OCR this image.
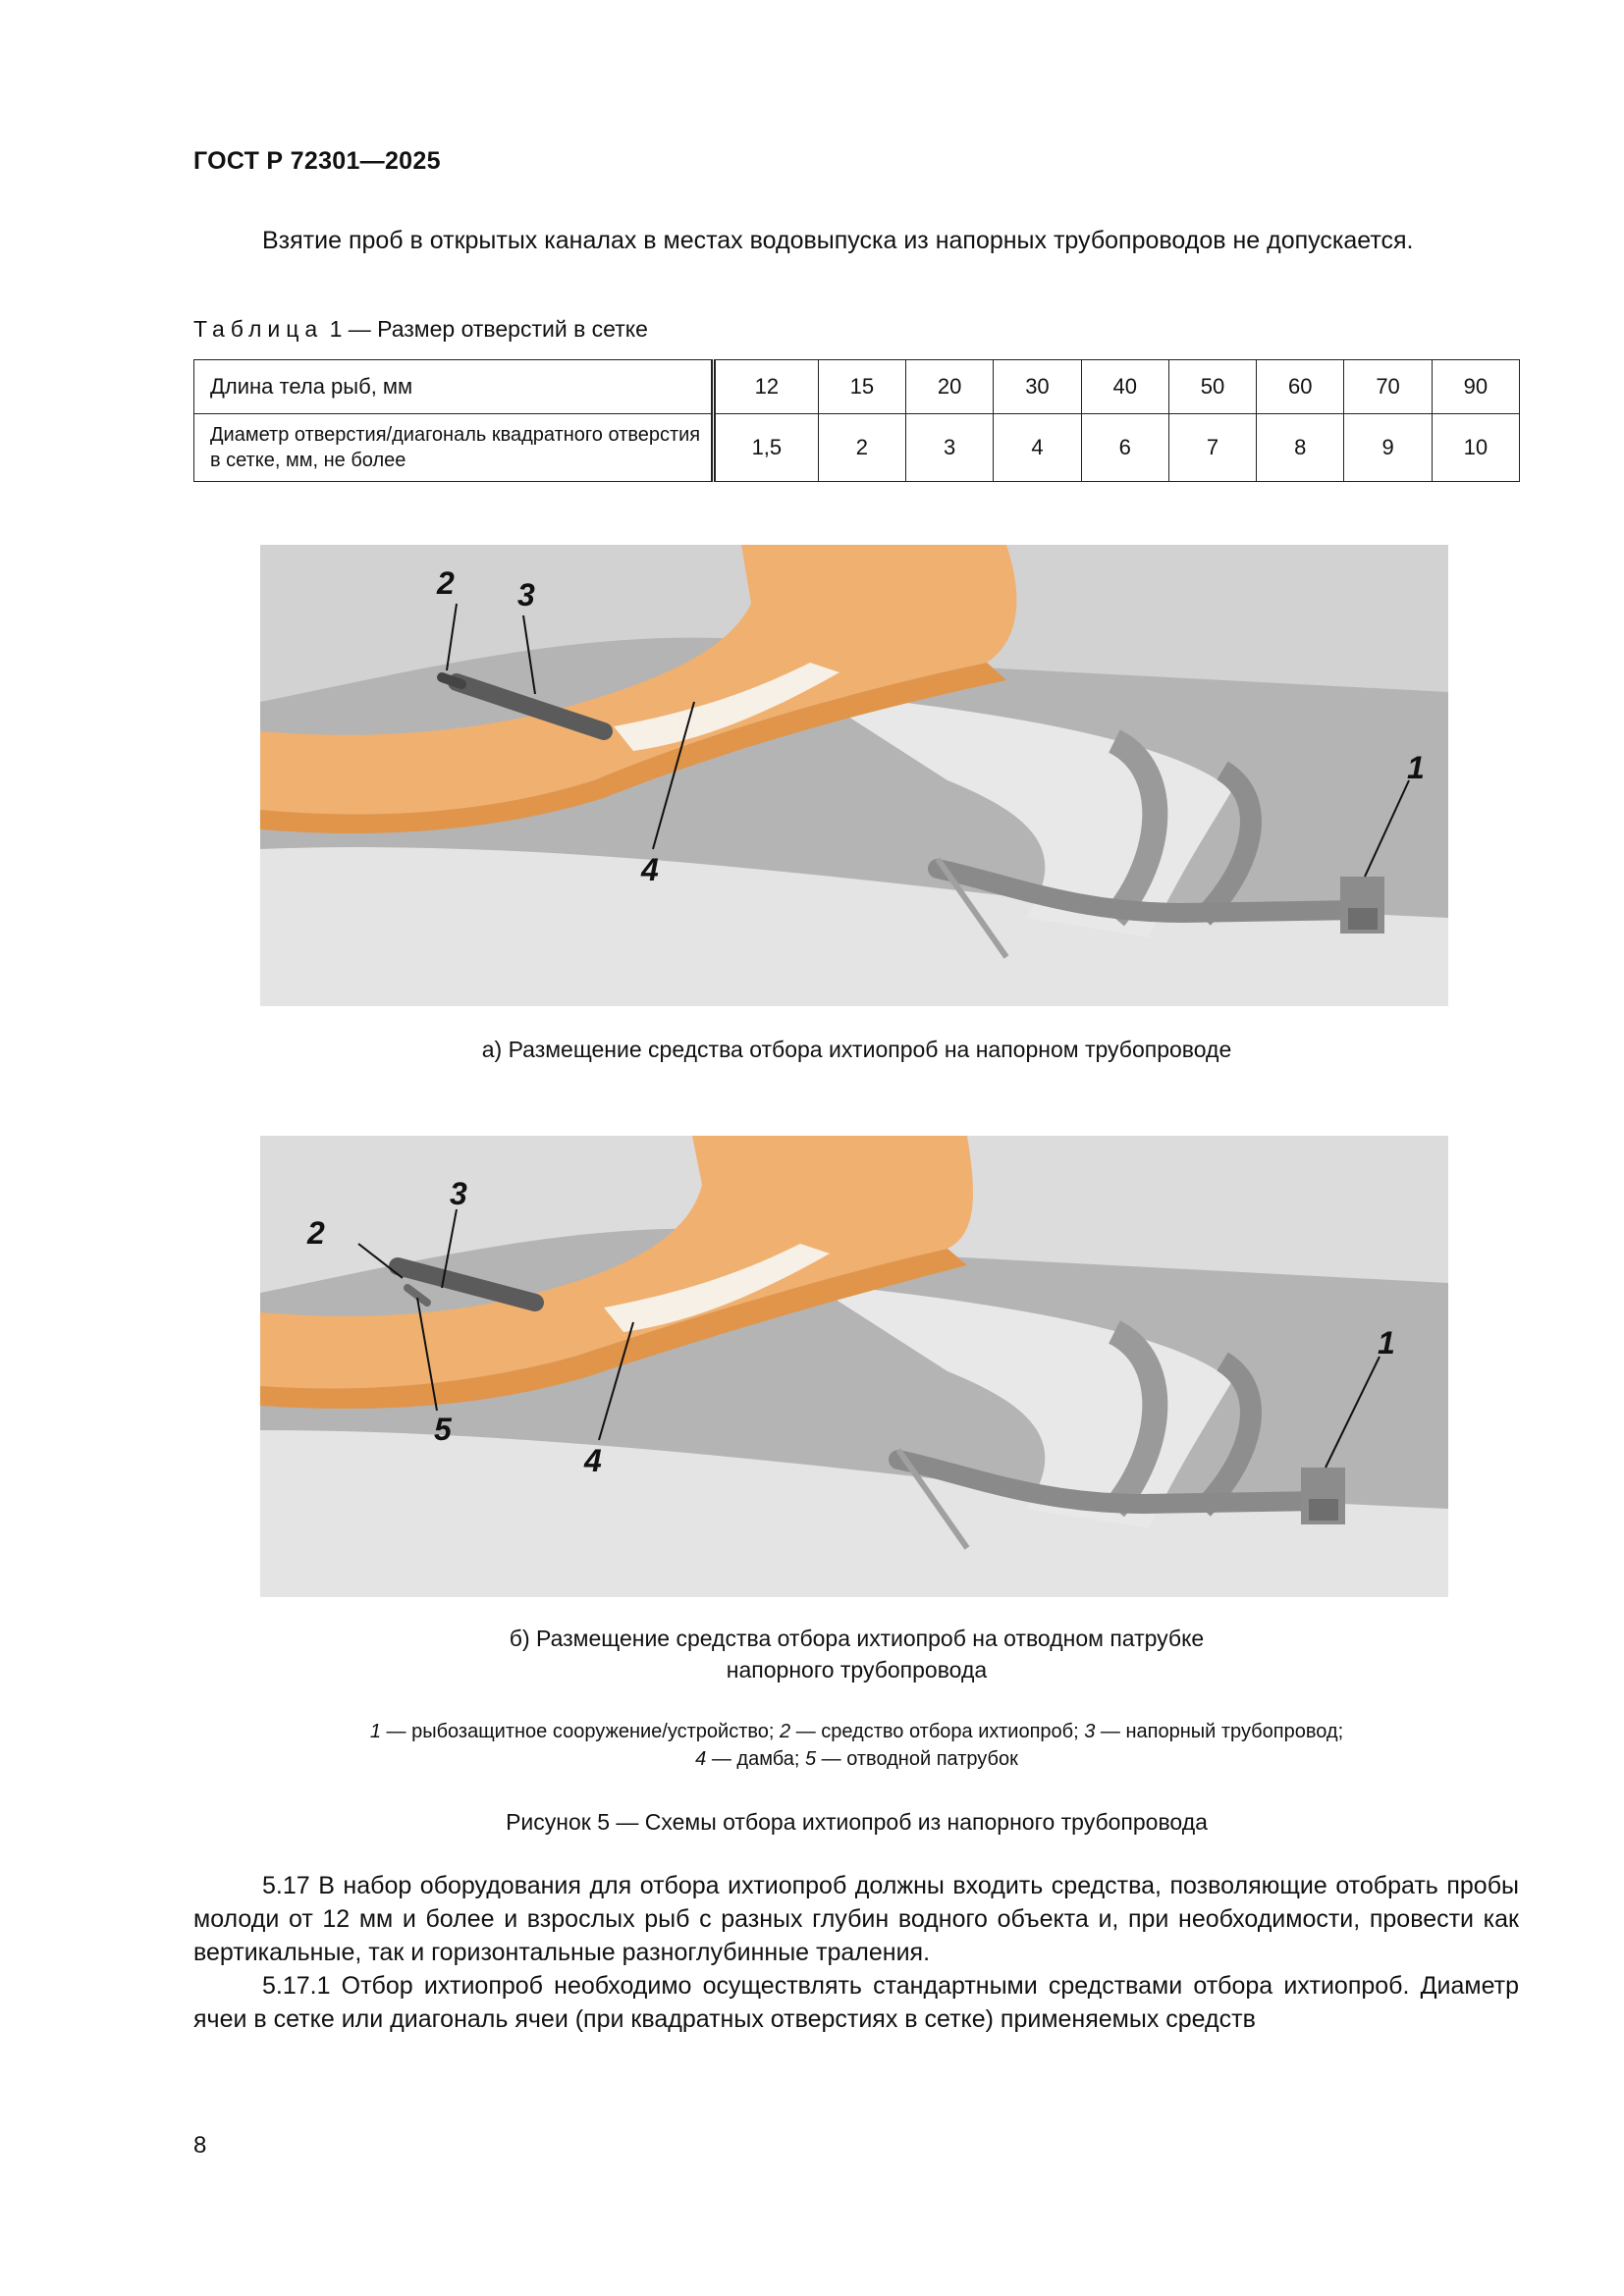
ГОСТ Р 72301—2025
Взятие проб в открытых каналах в местах водовыпуска из напорных трубопроводов не допускается.
Таблица 1 — Размер отверстий в сетке
Длина тела рыб, мм	12	15	20	30	40	50	60	70	90
Диаметр отверстия/диагональ квадратного отверстия в сетке, мм, не более	1,5	2	3	4	6	7	8	9	10
2 3
4
1
а) Размещение средства отбора ихтиопроб на напорном трубопроводе
2
3
5
4
1
б) Размещение средства отбора ихтиопроб на отводном патрубке
напорного трубопровода
1 — рыбозащитное сооружение/устройство; 2 — средство отбора ихтиопроб; 3 — напорный трубопровод;
4 — дамба; 5 — отводной патрубок
Рисунок 5 — Схемы отбора ихтиопроб из напорного трубопровода
5.17 В набор оборудования для отбора ихтиопроб должны входить средства, позволяющие отобрать пробы молоди от 12 мм и более и взрослых рыб с разных глубин водного объекта и, при необходимости, провести как вертикальные, так и горизонтальные разноглубинные траления.
5.17.1 Отбор ихтиопроб необходимо осуществлять стандартными средствами отбора ихтиопроб. Диаметр ячеи в сетке или диагональ ячеи (при квадратных отверстиях в сетке) применяемых средств
8
